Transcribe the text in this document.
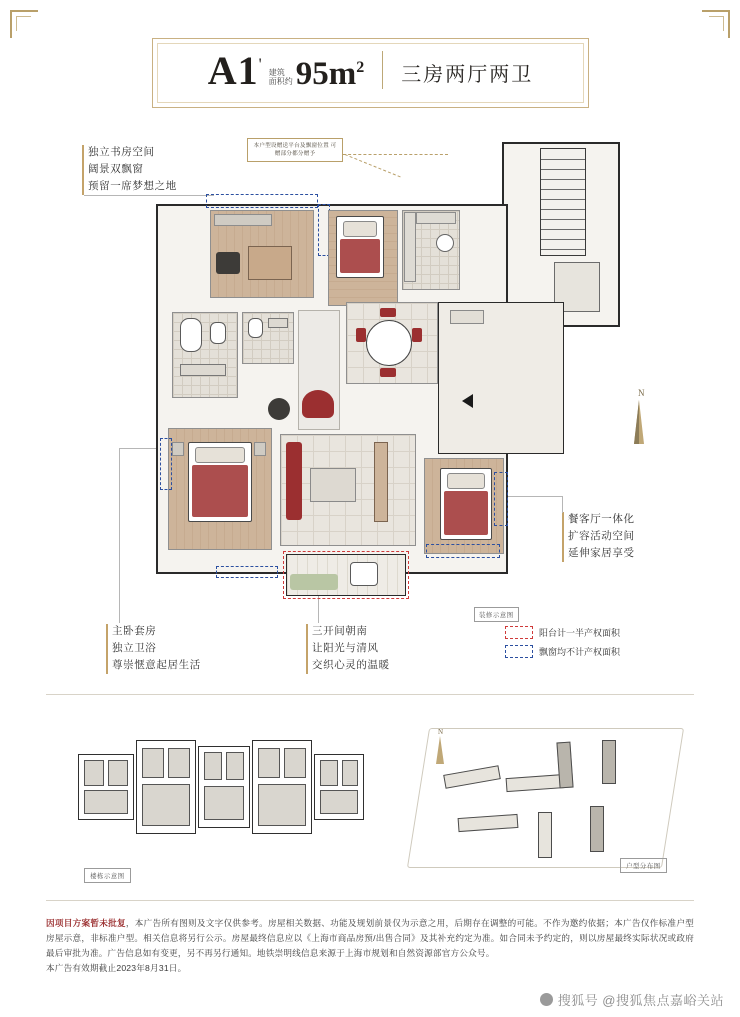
A1' 建筑
面积约 $95m^2$ 三房两厅两卫
本户型设赠送平台及飘窗位置 可赠部分都分赠予
独立书房空间
阔景双飘窗
预留一席梦想之地
主卧套房
独立卫浴
尊崇惬意起居生活
三开间朝南
让阳光与清风
交织心灵的温暖
餐客厅一体化
扩容活动空间
延伸家居享受
N
装修示意图
阳台计一半产权面积
飘窗均不计产权面积
楼栋示意图
N
户型分布图

因项目方案暂未批复，本广告所有图则及文字仅供参考。房屋相关数据、功能及规划前景仅为示意之用，后期存在调整的可能。不作为邀约依据；本广告仅作标准户型房屋示意，非标准户型。相关信息将另行公示。房屋最终信息应以《上海市商品房预/出售合同》及其补充约定为准。如合同未予约定的，则以房屋最终实际状况或政府最后审批为准。广告信息如有变更，另不再另行通知。地铁崇明线信息来源于上海市规划和自然资源部官方公众号。

本广告有效期截止2023年8月31日。

搜狐号 @搜狐焦点嘉峪关站
